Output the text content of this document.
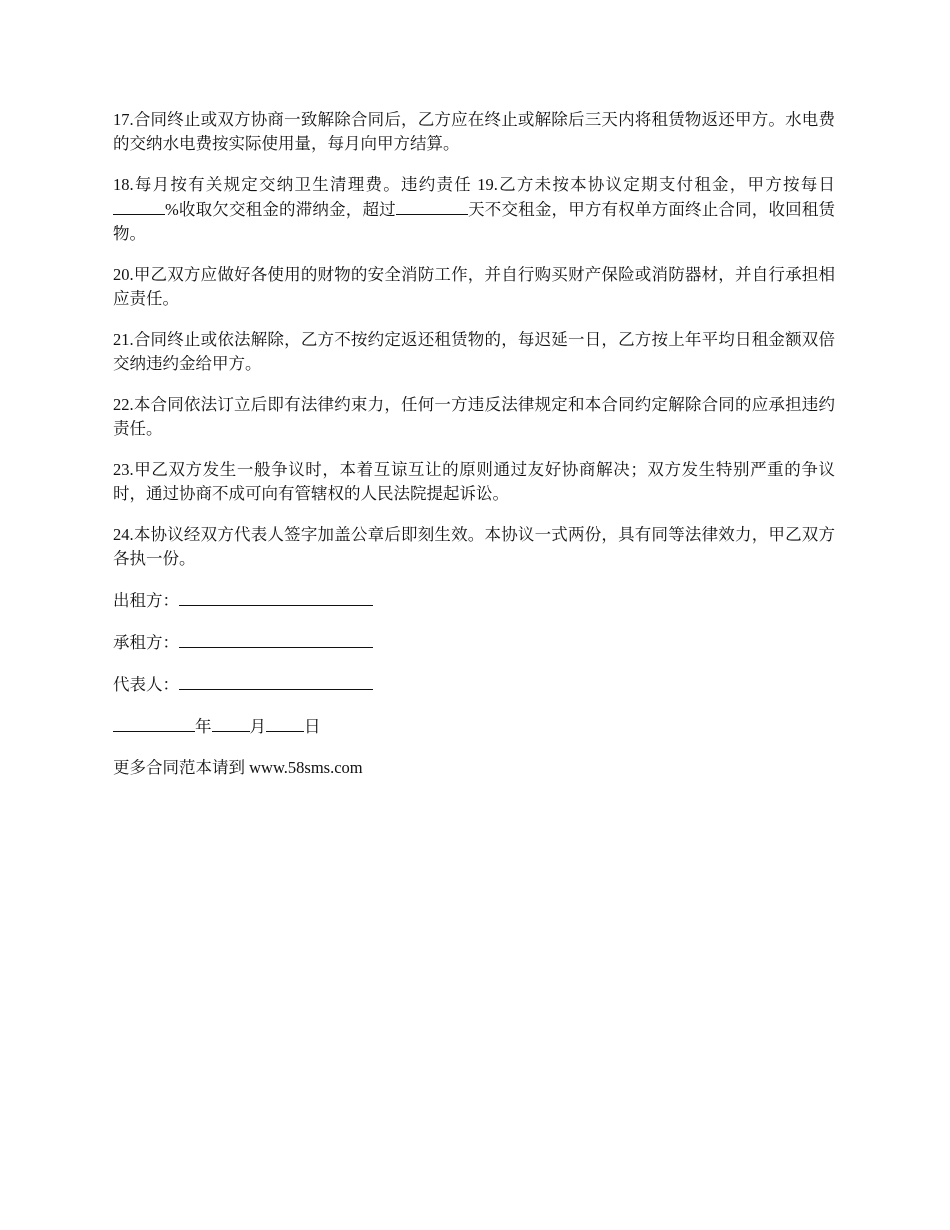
17.合同终止或双方协商一致解除合同后，乙方应在终止或解除后三天内将租赁物返还甲方。水电费的交纳水电费按实际使用量，每月向甲方结算。

18.每月按有关规定交纳卫生清理费。违约责任 19.乙方未按本协议定期支付租金，甲方按每日%收取欠交租金的滞纳金，超过	天不交租金，甲方有权单方面终止合同，收回租赁物。

20.甲乙双方应做好各使用的财物的安全消防工作，并自行购买财产保险或消防器材，并自行承担相应责任。

21.合同终止或依法解除，乙方不按约定返还租赁物的，每迟延一日，乙方按上年平均日租金额双倍交纳违约金给甲方。

22.本合同依法订立后即有法律约束力，任何一方违反法律规定和本合同约定解除合同的应承担违约责任。

23.甲乙双方发生一般争议时，本着互谅互让的原则通过友好协商解决；双方发生特别严重的争议时，通过协商不成可向有管辖权的人民法院提起诉讼。

24.本协议经双方代表人签字加盖公章后即刻生效。本协议一式两份，具有同等法律效力，甲乙双方各执一份。

出租方：

承租方：

代表人：

年 月 日

更多合同范本请到 www.58sms.com
